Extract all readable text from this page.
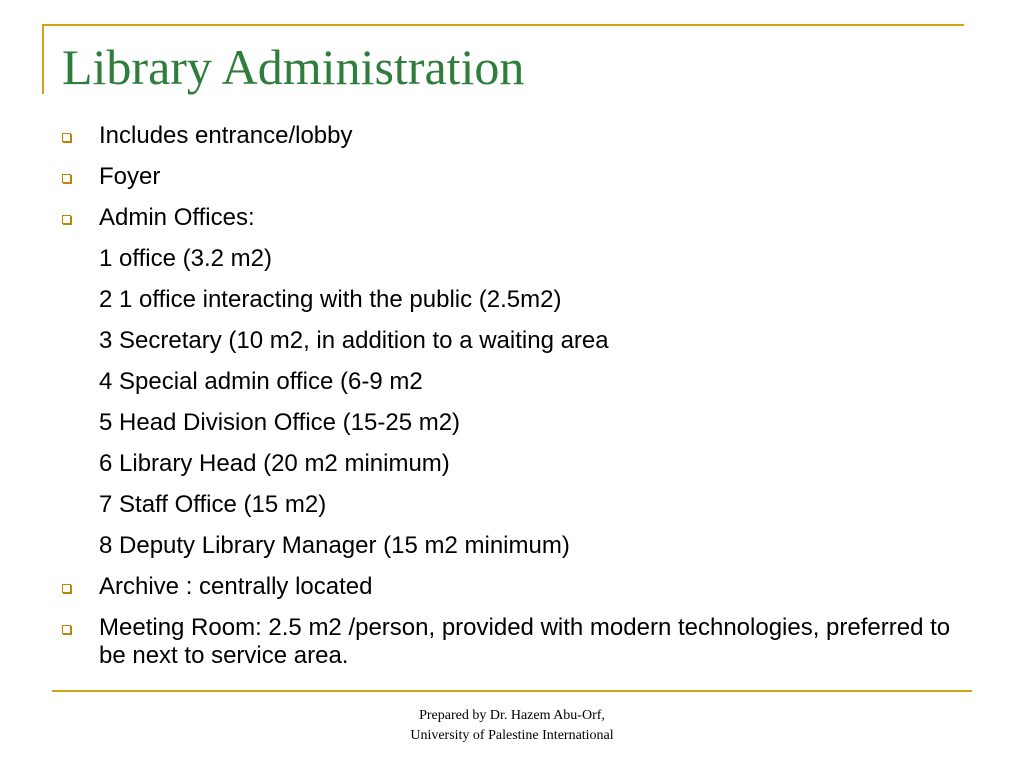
Library Administration
Includes entrance/lobby
Foyer
Admin Offices:
1 office (3.2 m2)
2 1 office interacting with the public (2.5m2)
3 Secretary (10 m2, in addition to a waiting area
4 Special admin office (6-9 m2
5 Head Division Office (15-25 m2)
6 Library Head (20 m2 minimum)
7 Staff Office (15 m2)
8 Deputy Library Manager (15 m2 minimum)
Archive : centrally located
Meeting Room: 2.5 m2 /person, provided with modern technologies, preferred to be next to service area.
Prepared by Dr. Hazem Abu-Orf,
University of Palestine International
